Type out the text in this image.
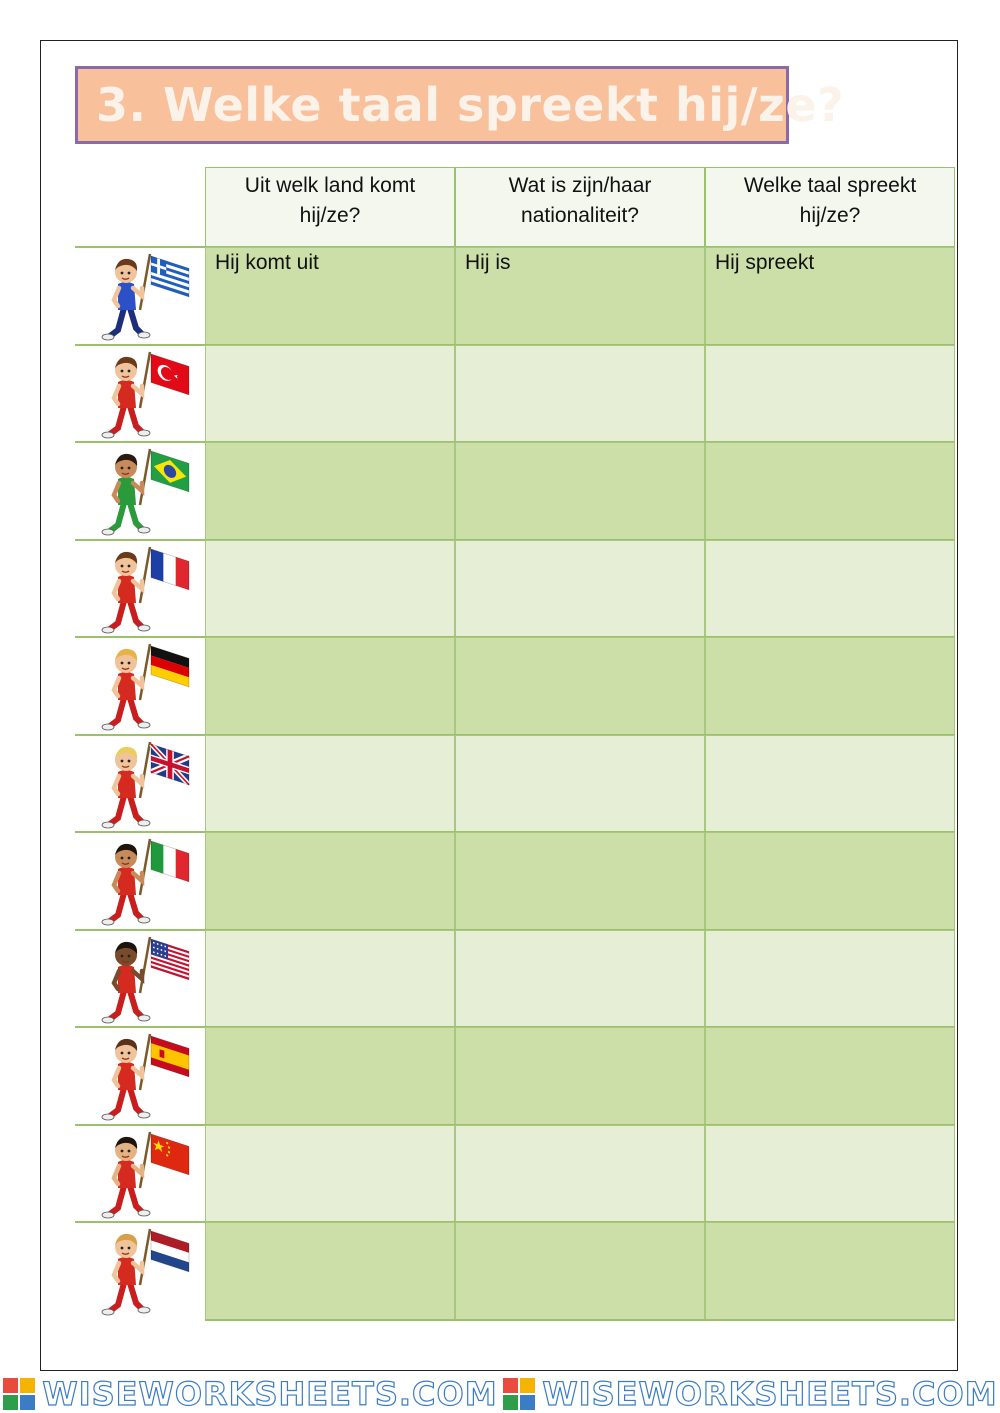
3. Welke taal spreekt hij/ze?
Uit welk land komt
hij/ze?
Wat is zijn/haar
nationaliteit?
Welke taal spreekt
hij/ze?
Hij komt uit	Hij is	Hij spreekt
WISEWORKSHEETS.COM WISEWORKSHEETS.COM
